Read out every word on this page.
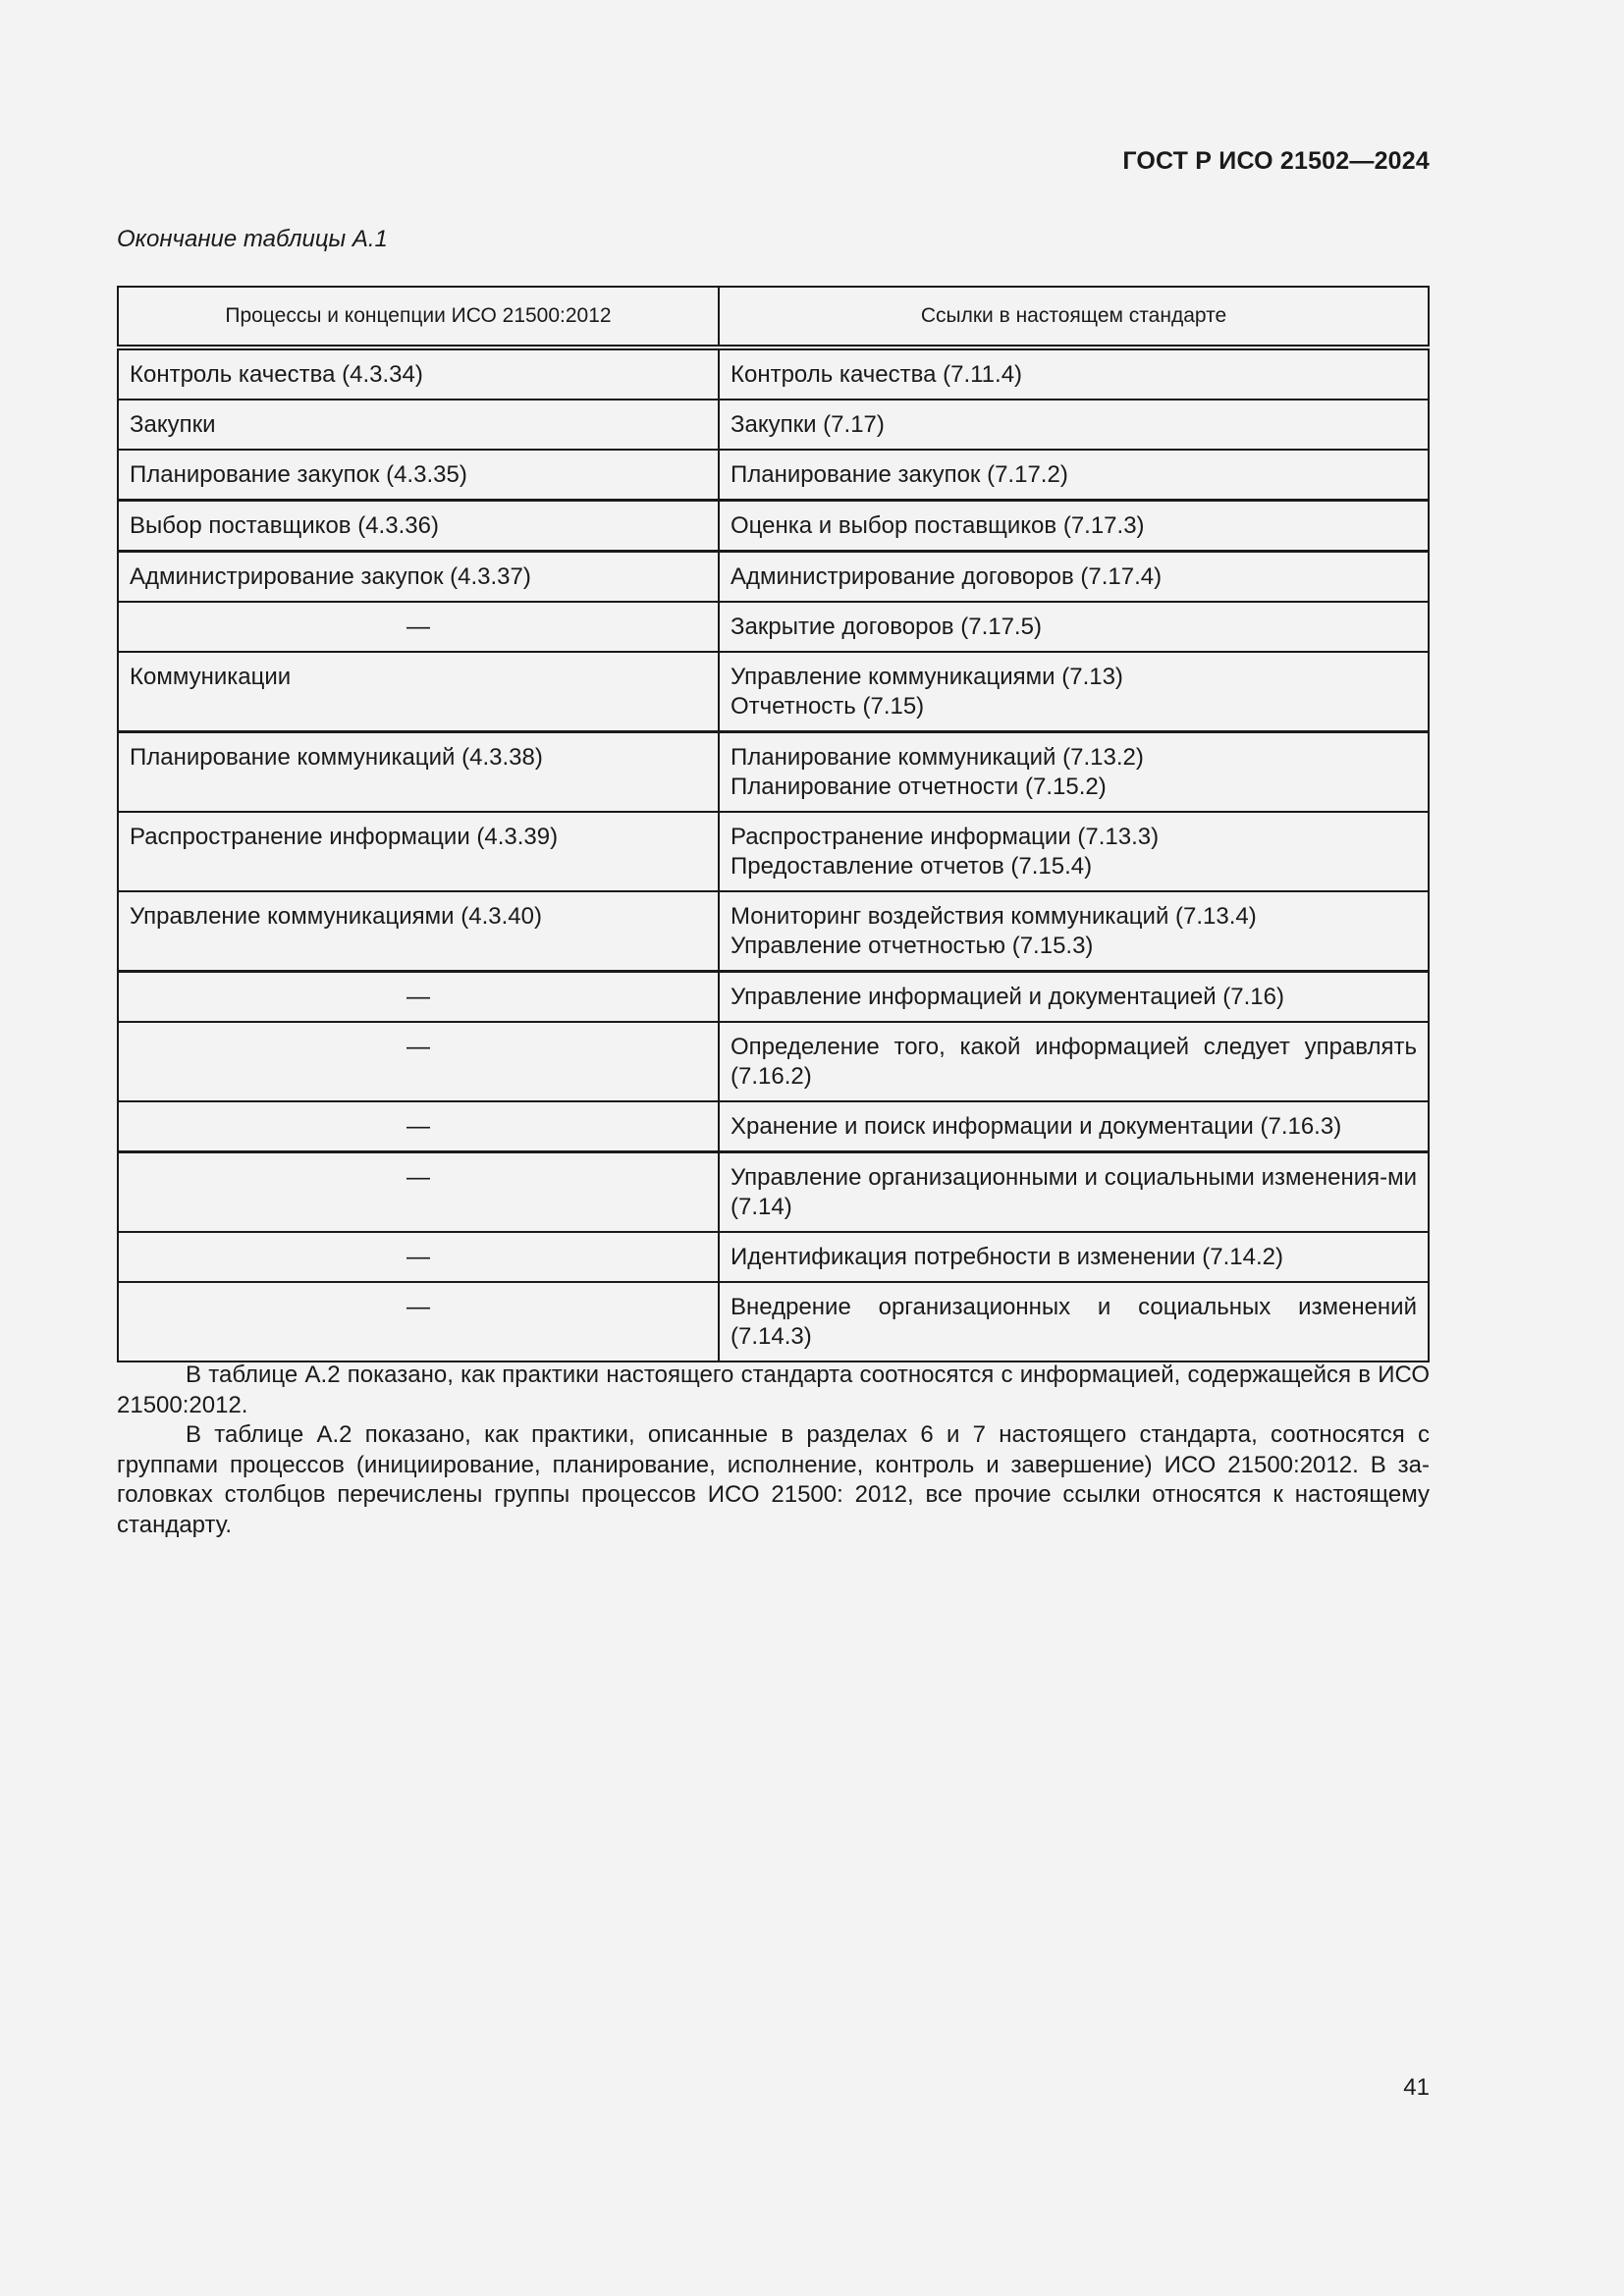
ГОСТ Р ИСО 21502—2024
Окончание таблицы А.1
Процессы и концепции ИСО 21500:2012	Ссылки в настоящем стандарте
Контроль качества (4.3.34)	Контроль качества (7.11.4)

Закупки	Закупки (7.17)

Планирование закупок (4.3.35)	Планирование закупок (7.17.2)

Выбор поставщиков (4.3.36)	Оценка и выбор поставщиков (7.17.3)

Администрирование закупок (4.3.37)	Администрирование договоров (7.17.4)

—	Закрытие договоров (7.17.5)

Коммуникации	Управление коммуникациями (7.13)
Отчетность (7.15)

Планирование коммуникаций (4.3.38)	Планирование коммуникаций (7.13.2)
Планирование отчетности (7.15.2)

Распространение информации (4.3.39)	Распространение информации (7.13.3)
Предоставление отчетов (7.15.4)

Управление коммуникациями (4.3.40)	Мониторинг воздействия коммуникаций (7.13.4)
Управление отчетностью (7.15.3)

—	Управление информацией и документацией (7.16)

—	Определение того, какой информацией следует управлять (7.16.2)
—	Хранение и поиск информации и документации (7.16.3)

—	Управление организационными и социальными изменения-ми (7.14)
—	Идентификация потребности в изменении (7.14.2)

—	Внедрение организационных и социальных изменений (7.14.3)

В таблице А.2 показано, как практики настоящего стандарта соотносятся с информацией, содержащейся в ИСО 21500:2012.

В таблице А.2 показано, как практики, описанные в разделах 6 и 7 настоящего стандарта, соотносятся с группами процессов (инициирование, планирование, исполнение, контроль и завершение) ИСО 21500:2012. В за-головках столбцов перечислены группы процессов ИСО 21500: 2012, все прочие ссылки относятся к настоящему стандарту.

41
